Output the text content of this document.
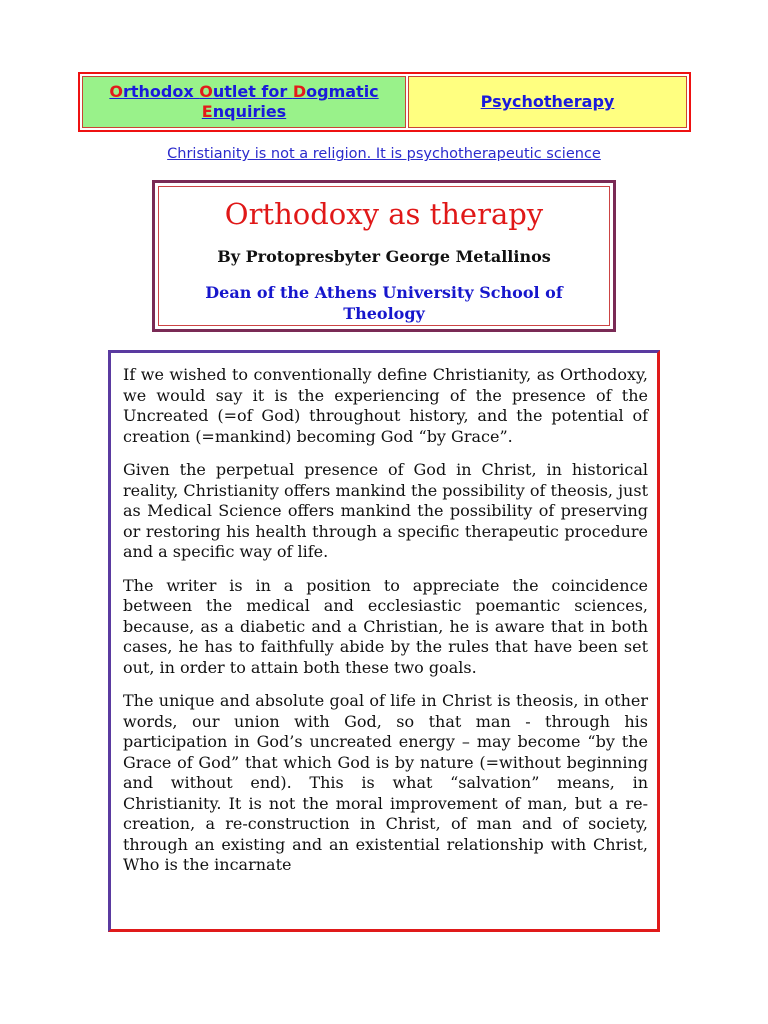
Orthodox Outlet for Dogmatic
Enquiries
Psychotherapy
Christianity is not a religion. It is psychotherapeutic science
Orthodoxy as therapy
By Protopresbyter George Metallinos
Dean of the Athens University School of Theology

If we wished to conventionally define Christianity, as Orthodoxy, we would say it is the experiencing of the presence of the Uncreated (=of God) throughout history, and the potential of creation (=mankind) becoming God “by Grace”.

Given the perpetual presence of God in Christ, in historical reality, Christianity offers mankind the possibility of theosis, just as Medical Science offers mankind the possibility of preserving or restoring his health through a specific therapeutic procedure and a specific way of life.

The writer is in a position to appreciate the coincidence between the medical and ecclesiastic poemantic sciences, because, as a diabetic and a Christian, he is aware that in both cases, he has to faithfully abide by the rules that have been set out, in order to attain both these two goals.

The unique and absolute goal of life in Christ is theosis, in other words, our union with God, so that man - through his participation in God’s uncreated energy – may become “by the Grace of God” that which God is by nature (=without beginning and without end). This is what “salvation” means, in Christianity. It is not the moral improvement of man, but a re-creation, a re-construction in Christ, of man and of society, through an existing and an existential relationship with Christ, Who is the incarnate
